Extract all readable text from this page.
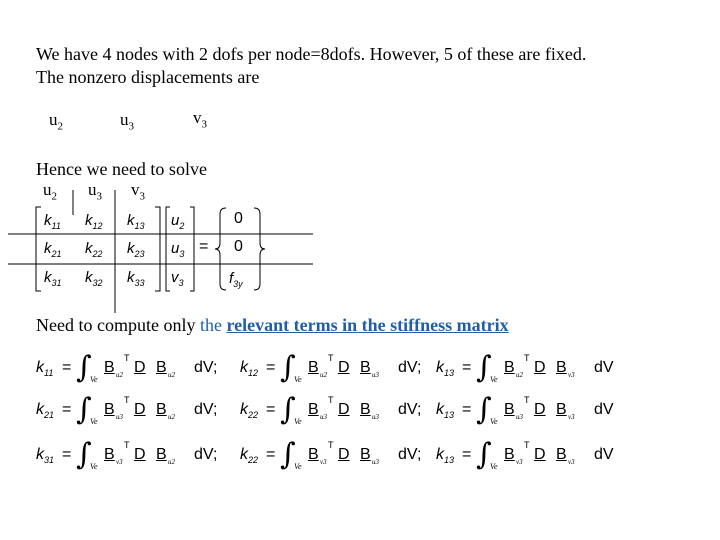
We have 4 nodes with 2 dofs per node=8dofs. However, 5 of these are fixed.
The nonzero displacements are
$u_2$	$u_3$	$v_3$
Hence we need to solve
$u_2$ $u_3$ $v_3$
$k_{11}$ $k_{12}$ $k_{13}$
$k_{21}$ $k_{22}$ $k_{23}$
$k_{31}$ $k_{32}$ $k_{33}$
$u_2$
$u_3$
$v_3$
=
0
0
$f_{3y}$
Need to compute only the relevant terms in the stiffness matrix
$k_{11}$ = ∫
Ve
B u2
T
D B u2 dV; $k_{12}$ = ∫
Ve
B u2
T
D B u3 dV; $k_{13}$ = ∫
Ve
B u2
T
D B v3 dV
$k_{21}$ = ∫
Ve
B u3
T
D B u2 dV; $k_{22}$ = ∫
Ve
B u3
T
D B u3 dV; $k_{13}$ = ∫
Ve
B u3
T
D B v3 dV
$k_{31}$ = ∫
Ve
B v3
T
D B u2 dV; $k_{22}$ = ∫
Ve
B v3
T
D B u3 dV; $k_{13}$ = ∫
Ve
B v3
T
D B v3 dV
